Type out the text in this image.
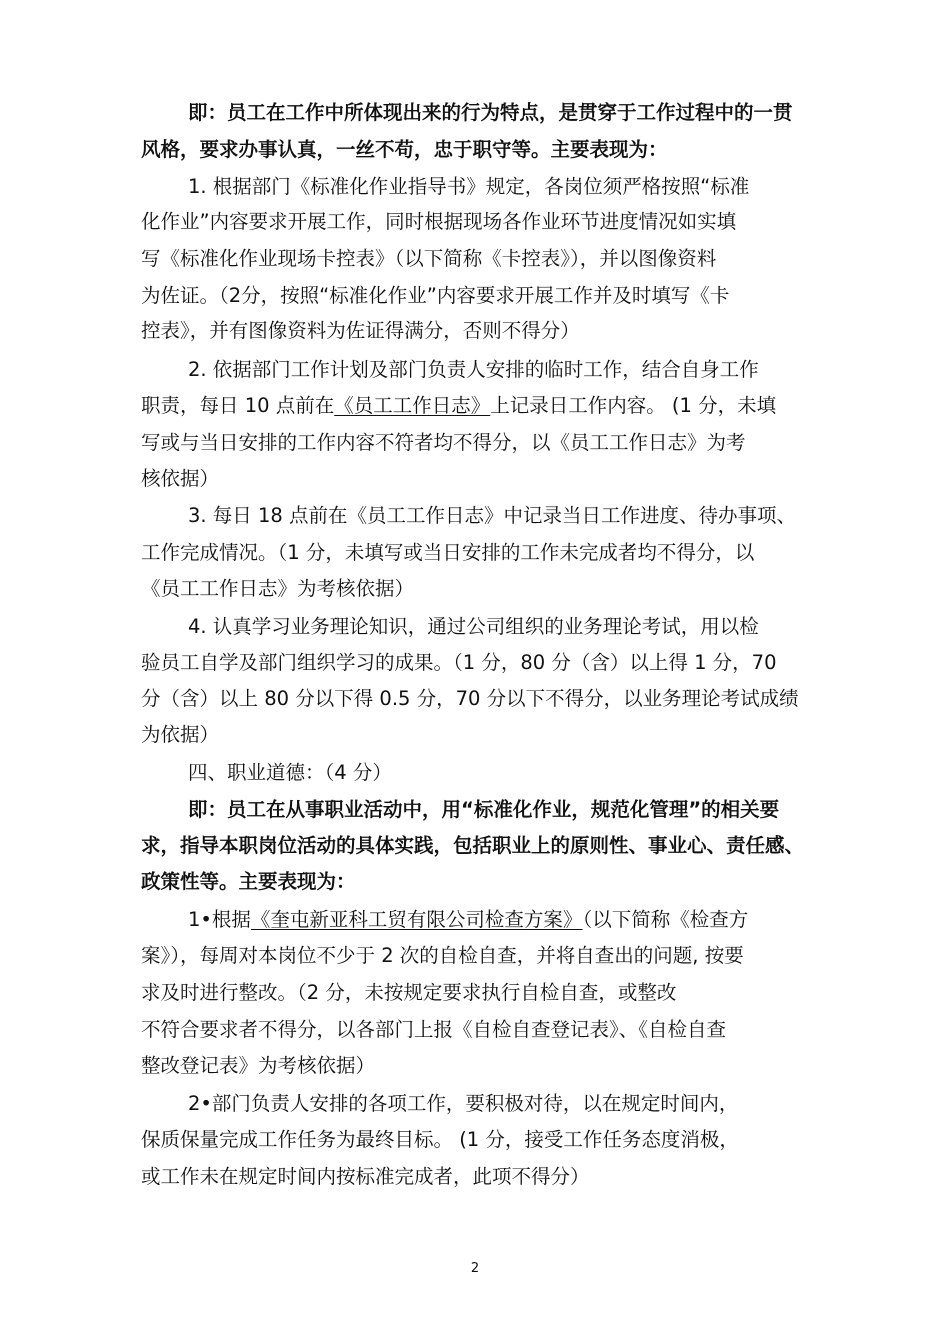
即：员工在工作中所体现出来的行为特点，是贯穿于工作过程中的一贯
风格，要求办事认真，一丝不苟，忠于职守等。主要表现为：
1. 根据部门《标准化作业指导书》规定，各岗位须严格按照“标准
化作业”内容要求开展工作，同时根据现场各作业环节进度情况如实填
写《标准化作业现场卡控表》（以下简称《卡控表》），并以图像资料
为佐证。（2分，按照“标准化作业”内容要求开展工作并及时填写《卡
控表》，并有图像资料为佐证得满分，否则不得分）
2. 依据部门工作计划及部门负责人安排的临时工作，结合自身工作
职责，每日 10 点前在《员工工作日志》上记录日工作内容。 (1 分，未填
写或与当日安排的工作内容不符者均不得分，以《员工工作日志》为考
核依据）
3. 每日 18 点前在《员工工作日志》中记录当日工作进度、待办事项、
工作完成情况。（1 分，未填写或当日安排的工作未完成者均不得分，以
《员工工作日志》为考核依据）
4. 认真学习业务理论知识，通过公司组织的业务理论考试，用以检
验员工自学及部门组织学习的成果。（1 分，80 分（含）以上得 1 分，70
分（含）以上 80 分以下得 0.5 分，70 分以下不得分，以业务理论考试成绩
为依据）
四、职业道德：（4 分）
即：员工在从事职业活动中，用“标准化作业，规范化管理”的相关要
求，指导本职岗位活动的具体实践，包括职业上的原则性、事业心、责任感、
政策性等。主要表现为：
1•根据《奎屯新亚科工贸有限公司检查方案》（以下简称《检查方
案》），每周对本岗位不少于 2 次的自检自查，并将自查出的问题, 按要
求及时进行整改。（2 分，未按规定要求执行自检自查，或整改
不符合要求者不得分，以各部门上报《自检自查登记表》、《自检自查
整改登记表》为考核依据）
2•部门负责人安排的各项工作，要积极对待，以在规定时间内，
保质保量完成工作任务为最终目标。 (1 分，接受工作任务态度消极，
或工作未在规定时间内按标准完成者，此项不得分）
2
